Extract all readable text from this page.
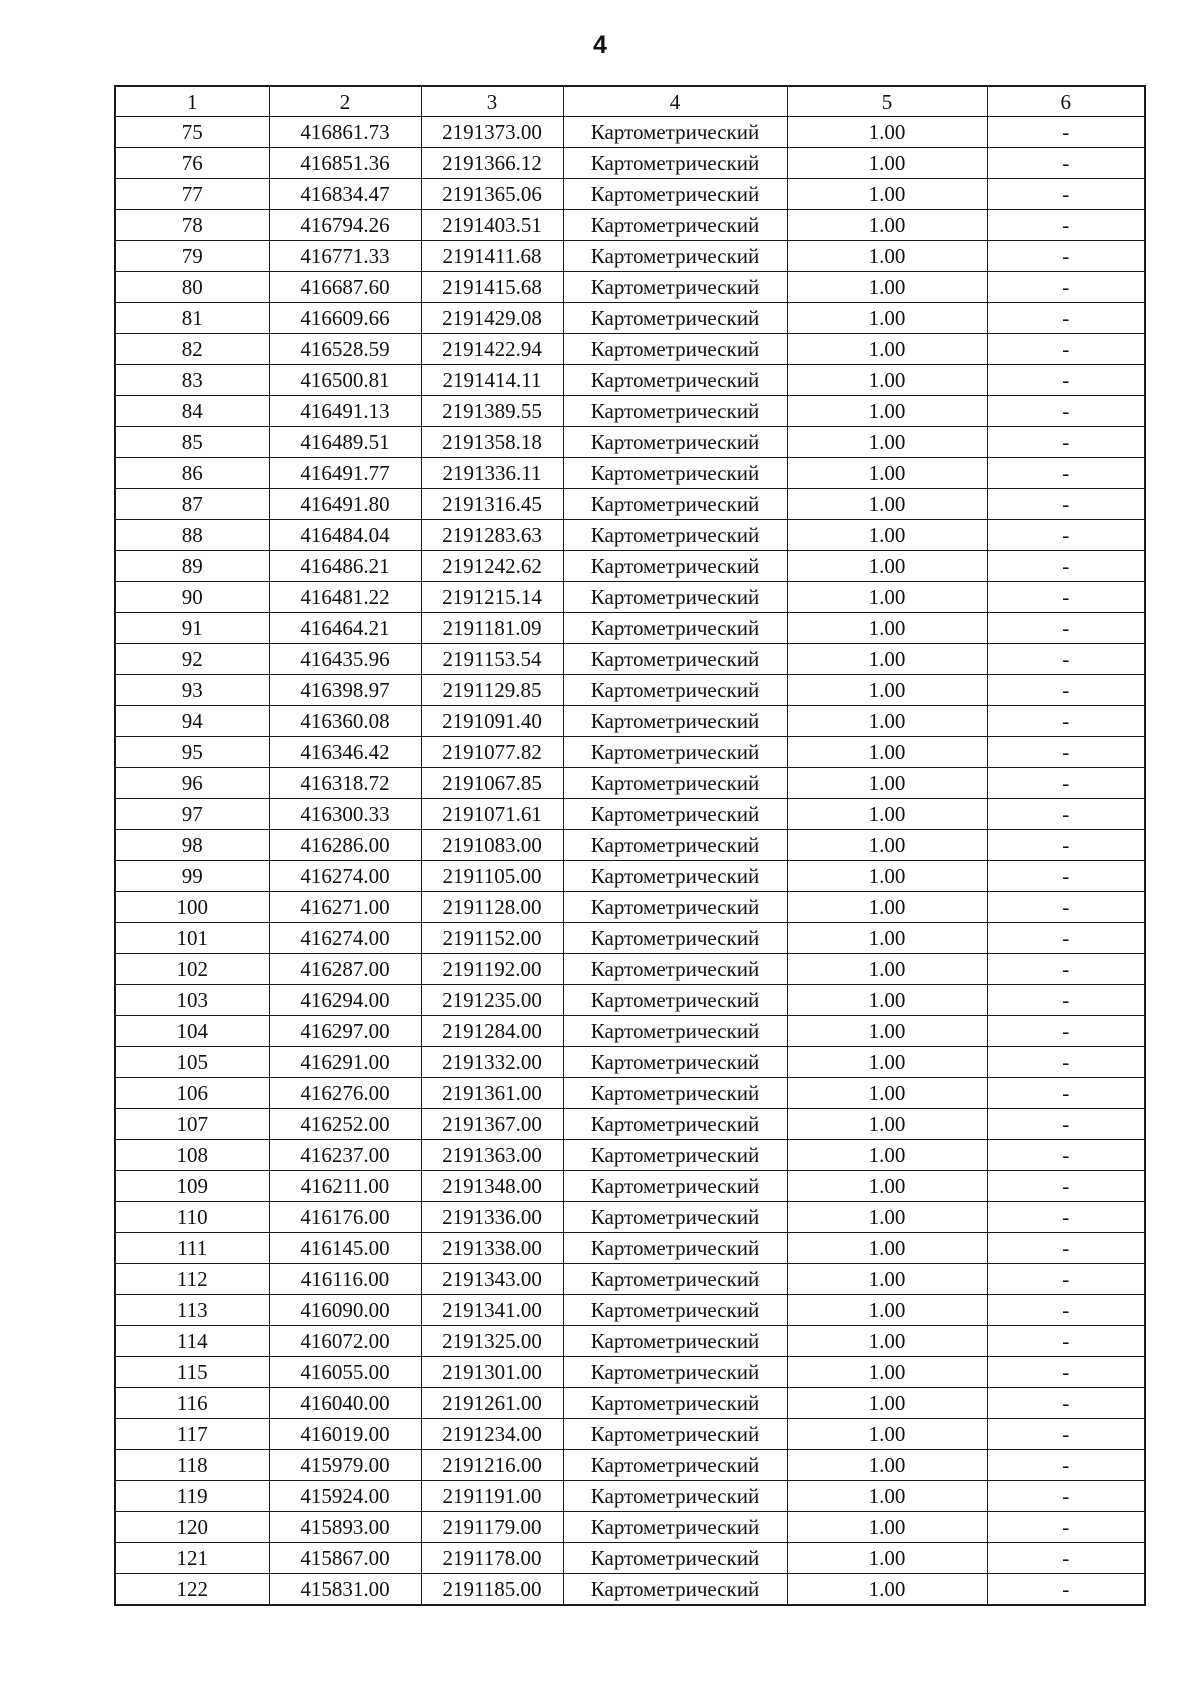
4
1	2	3	4	5	6
75	416861.73	2191373.00	Картометрический	1.00	-
76	416851.36	2191366.12	Картометрический	1.00	-
77	416834.47	2191365.06	Картометрический	1.00	-
78	416794.26	2191403.51	Картометрический	1.00	-
79	416771.33	2191411.68	Картометрический	1.00	-
80	416687.60	2191415.68	Картометрический	1.00	-
81	416609.66	2191429.08	Картометрический	1.00	-
82	416528.59	2191422.94	Картометрический	1.00	-
83	416500.81	2191414.11	Картометрический	1.00	-
84	416491.13	2191389.55	Картометрический	1.00	-
85	416489.51	2191358.18	Картометрический	1.00	-
86	416491.77	2191336.11	Картометрический	1.00	-
87	416491.80	2191316.45	Картометрический	1.00	-
88	416484.04	2191283.63	Картометрический	1.00	-
89	416486.21	2191242.62	Картометрический	1.00	-
90	416481.22	2191215.14	Картометрический	1.00	-
91	416464.21	2191181.09	Картометрический	1.00	-
92	416435.96	2191153.54	Картометрический	1.00	-
93	416398.97	2191129.85	Картометрический	1.00	-
94	416360.08	2191091.40	Картометрический	1.00	-
95	416346.42	2191077.82	Картометрический	1.00	-
96	416318.72	2191067.85	Картометрический	1.00	-
97	416300.33	2191071.61	Картометрический	1.00	-
98	416286.00	2191083.00	Картометрический	1.00	-
99	416274.00	2191105.00	Картометрический	1.00	-
100	416271.00	2191128.00	Картометрический	1.00	-
101	416274.00	2191152.00	Картометрический	1.00	-
102	416287.00	2191192.00	Картометрический	1.00	-
103	416294.00	2191235.00	Картометрический	1.00	-
104	416297.00	2191284.00	Картометрический	1.00	-
105	416291.00	2191332.00	Картометрический	1.00	-
106	416276.00	2191361.00	Картометрический	1.00	-
107	416252.00	2191367.00	Картометрический	1.00	-
108	416237.00	2191363.00	Картометрический	1.00	-
109	416211.00	2191348.00	Картометрический	1.00	-
110	416176.00	2191336.00	Картометрический	1.00	-
111	416145.00	2191338.00	Картометрический	1.00	-
112	416116.00	2191343.00	Картометрический	1.00	-
113	416090.00	2191341.00	Картометрический	1.00	-
114	416072.00	2191325.00	Картометрический	1.00	-
115	416055.00	2191301.00	Картометрический	1.00	-
116	416040.00	2191261.00	Картометрический	1.00	-
117	416019.00	2191234.00	Картометрический	1.00	-
118	415979.00	2191216.00	Картометрический	1.00	-
119	415924.00	2191191.00	Картометрический	1.00	-
120	415893.00	2191179.00	Картометрический	1.00	-
121	415867.00	2191178.00	Картометрический	1.00	-
122	415831.00	2191185.00	Картометрический	1.00	-
